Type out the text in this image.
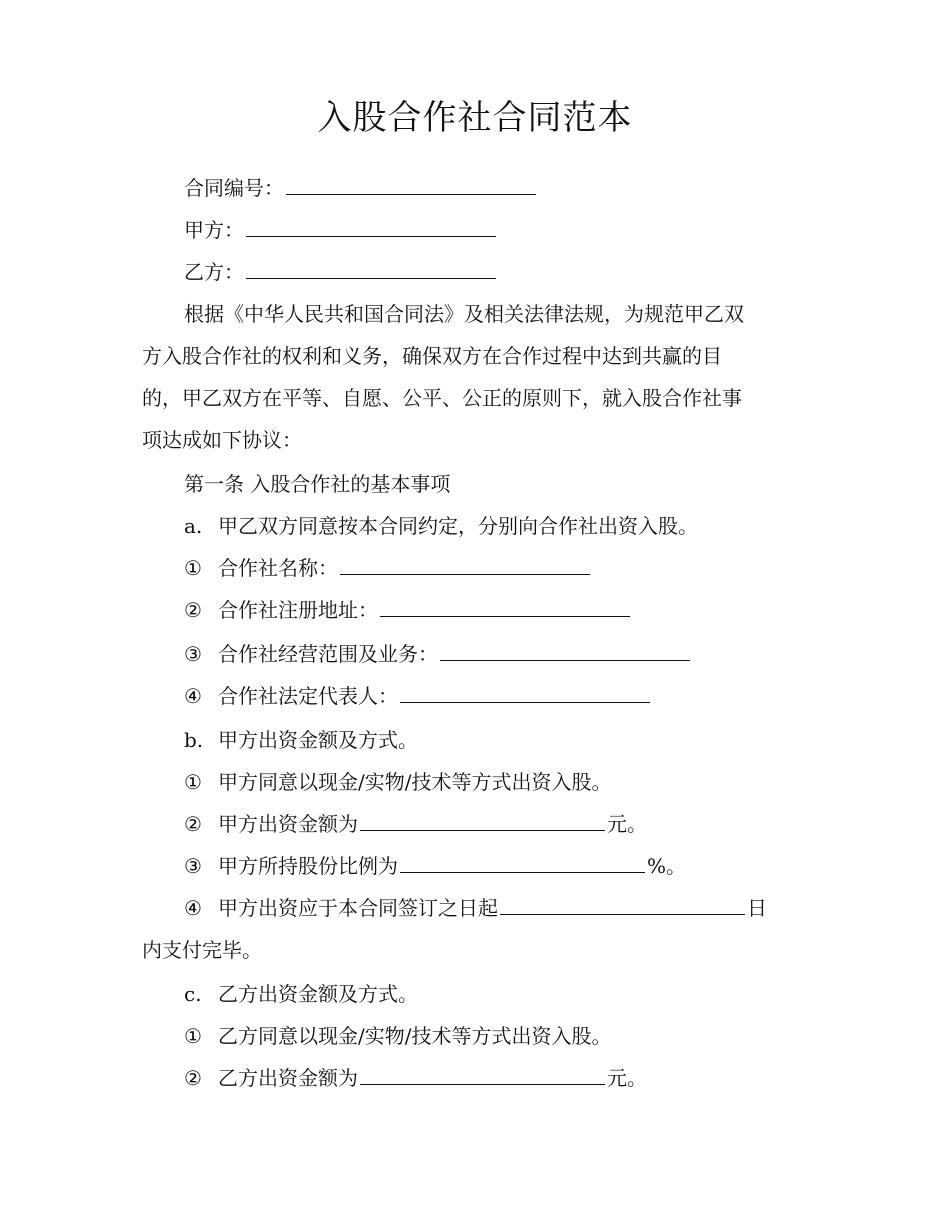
入股合作社合同范本
合同编号：
甲方：
乙方：
根据《中华人民共和国合同法》及相关法律法规，为规范甲乙双
方入股合作社的权利和义务，确保双方在合作过程中达到共赢的目
的，甲乙双方在平等、自愿、公平、公正的原则下，就入股合作社事
项达成如下协议：
第一条 入股合作社的基本事项
a. 甲乙双方同意按本合同约定，分别向合作社出资入股。
① 合作社名称：
② 合作社注册地址：
③ 合作社经营范围及业务：
④ 合作社法定代表人：
b. 甲方出资金额及方式。
① 甲方同意以现金/实物/技术等方式出资入股。
② 甲方出资金额为	元。
③ 甲方所持股份比例为	%。
④ 甲方出资应于本合同签订之日起	日
内支付完毕。
c. 乙方出资金额及方式。
① 乙方同意以现金/实物/技术等方式出资入股。
② 乙方出资金额为	元。
